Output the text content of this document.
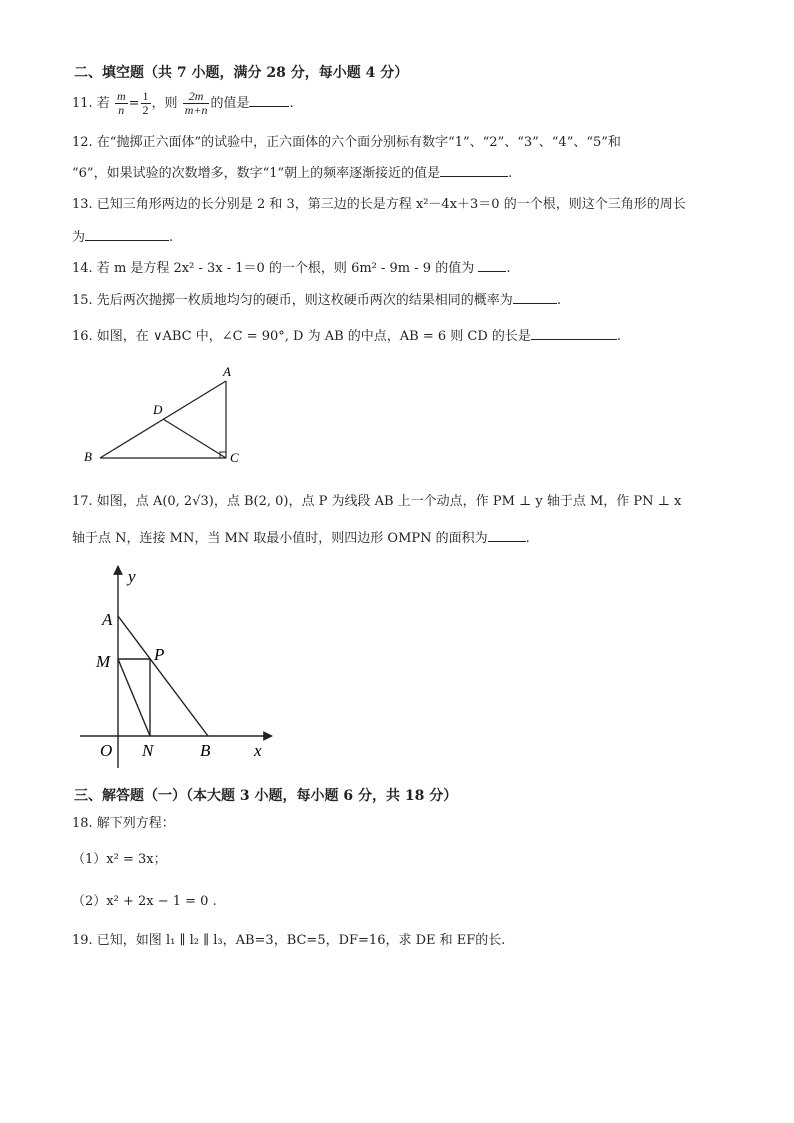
二、填空题（共 7 小题，满分 28 分，每小题 4 分）
11. 若 $\frac{m}{n} = \frac{1}{2}$ ，则 $\frac{2m}{m+n}$ 的值是	.
12. 在“抛掷正六面体”的试验中，正六面体的六个面分别标有数字“1”、“2”、“3”、“4”、“5”和
“6”，如果试验的次数增多，数字“1”朝上的频率逐渐接近的值是	.
13. 已知三角形两边的长分别是 2 和 3，第三边的长是方程 x²－4x＋3＝0 的一个根，则这个三角形的周长
为	.
14. 若 m 是方程 2x² - 3x - 1＝0 的一个根，则 6m² - 9m - 9 的值为 .
15. 先后两次抛掷一枚质地均匀的硬币，则这枚硬币两次的结果相同的概率为	.
16. 如图，在 ∨ABC 中，∠C = 90°, D 为 AB 的中点，AB = 6 则 CD 的长是	.
A
B	C
D
17. 如图，点 A(0, 2√3)，点 B(2, 0)，点 P 为线段 AB 上一个动点，作 PM ⊥ y 轴于点 M，作 PN ⊥ x
轴于点 N，连接 MN，当 MN 取最小值时，则四边形 OMPN 的面积为	.
y
x
A
M	P
O N	B
三、解答题（一）（本大题 3 小题，每小题 6 分，共 18 分）
18. 解下列方程：
（1）x² = 3x；
（2）x² + 2x − 1 = 0 .
19. 已知，如图 l₁ ∥ l₂ ∥ l₃，AB=3，BC=5，DF=16，求 DE 和 EF的长.
